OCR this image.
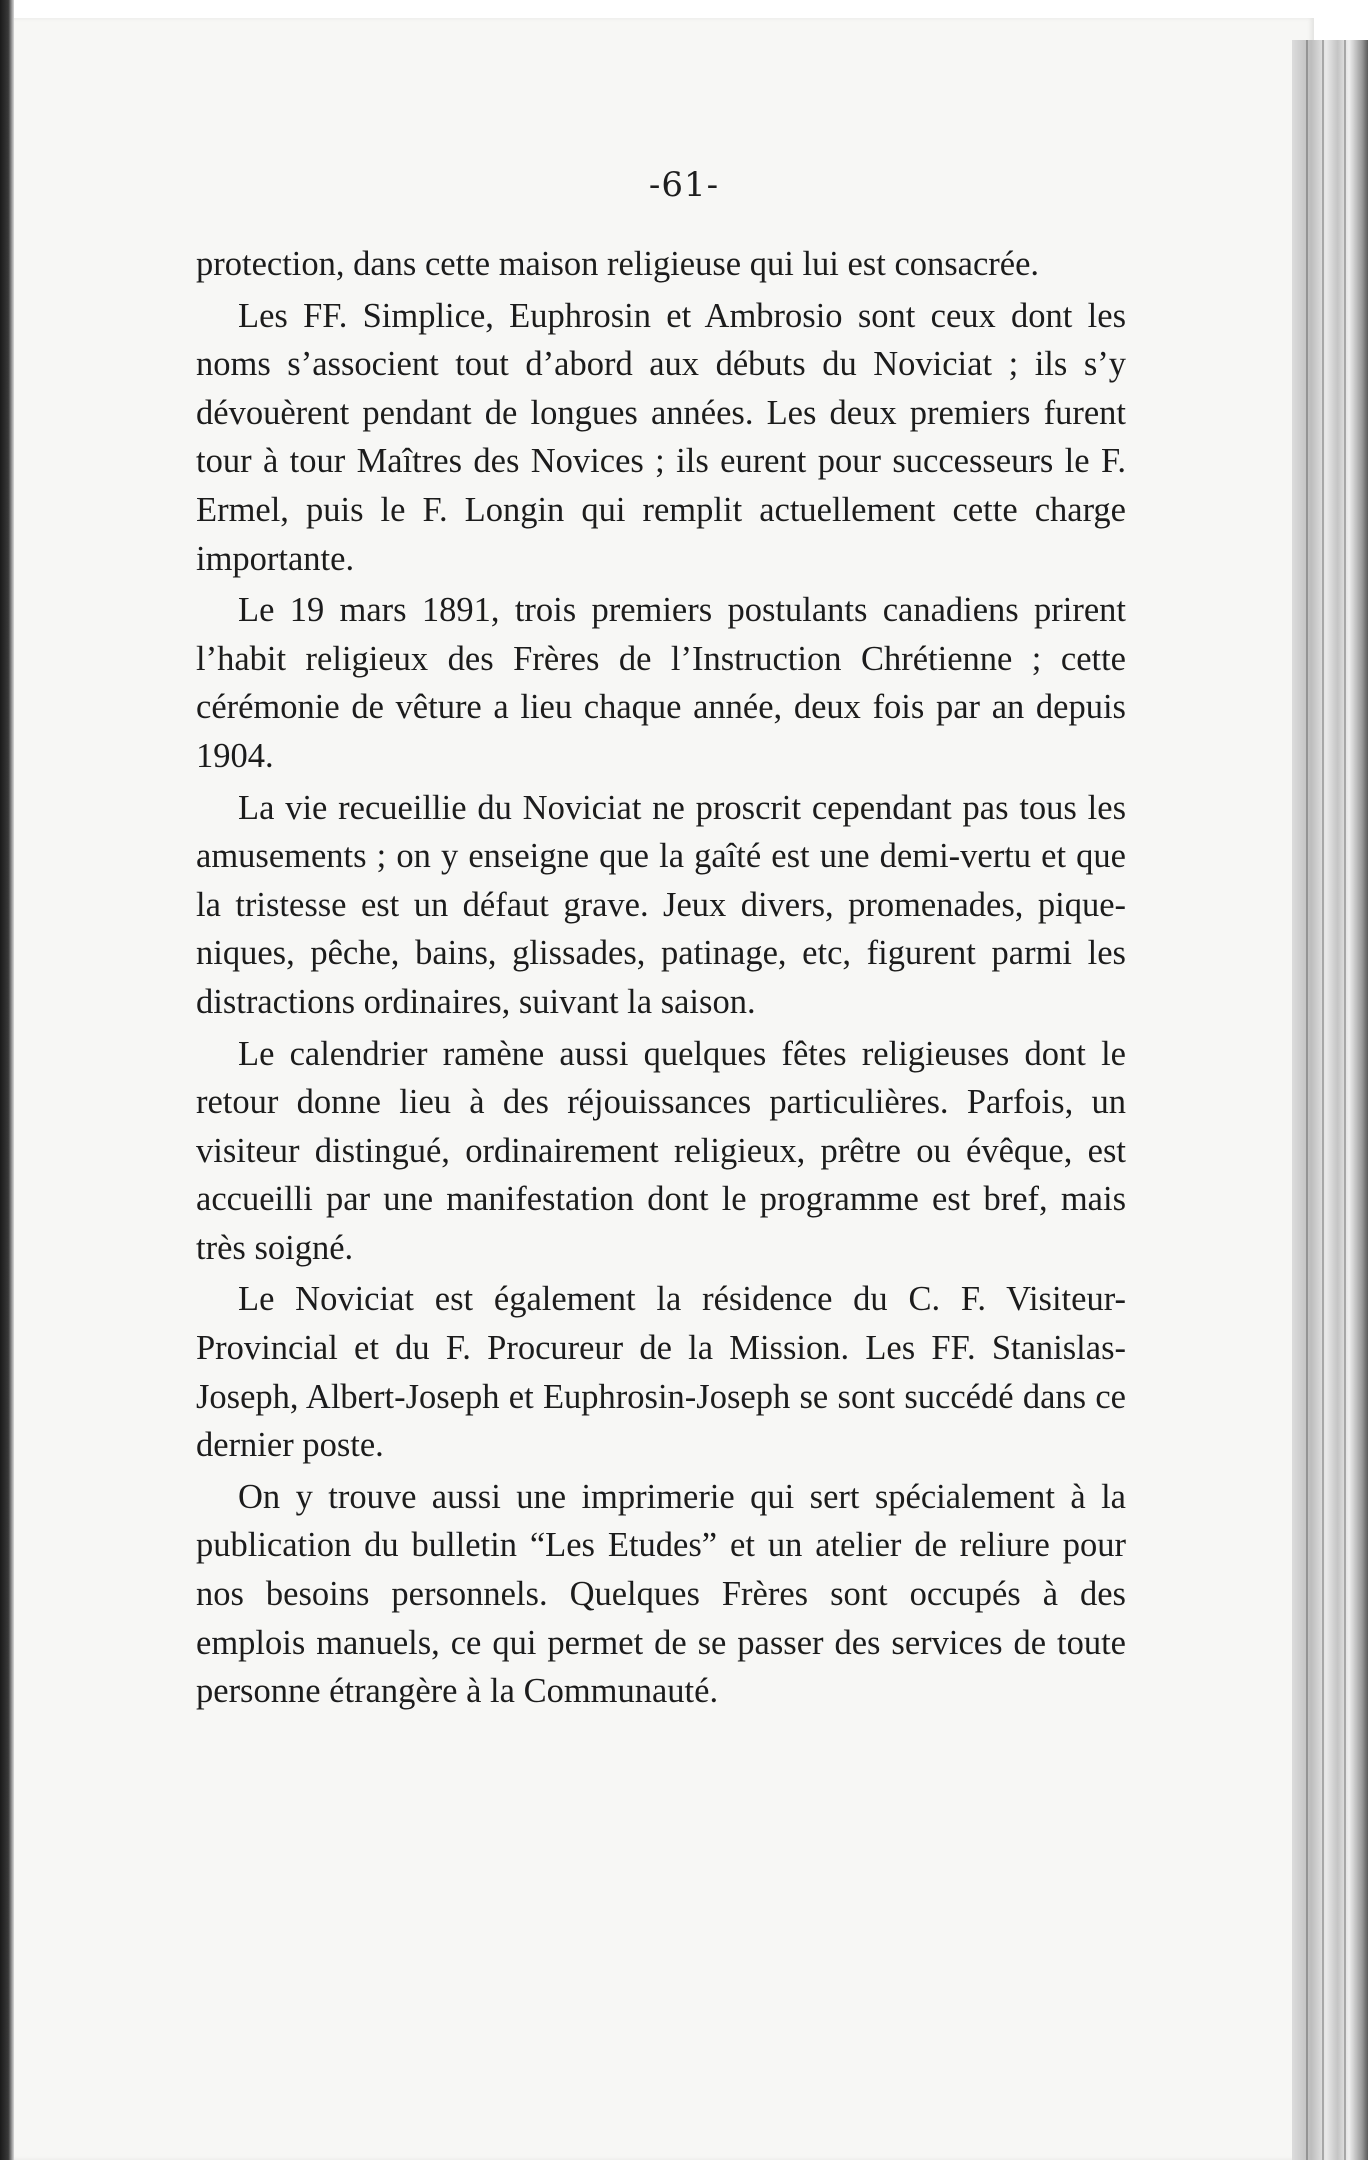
-61-

protection, dans cette maison religieuse qui lui est consacrée.

Les FF. Simplice, Euphrosin et Ambrosio sont ceux dont les noms s’associent tout d’abord aux débuts du Noviciat ; ils s’y dévouèrent pendant de longues années. Les deux premiers furent tour à tour Maîtres des Novices ; ils eurent pour successeurs le F. Ermel, puis le F. Longin qui remplit actuellement cette charge importante.

Le 19 mars 1891, trois premiers postulants canadiens prirent l’habit religieux des Frères de l’Instruction Chrétienne ; cette cérémonie de vêture a lieu chaque année, deux fois par an depuis 1904.

La vie recueillie du Noviciat ne proscrit cependant pas tous les amusements ; on y enseigne que la gaîté est une demi-vertu et que la tristesse est un défaut grave. Jeux divers, promenades, pique-niques, pêche, bains, glissades, patinage, etc, figurent parmi les distractions ordinaires, suivant la saison.

Le calendrier ramène aussi quelques fêtes religieuses dont le retour donne lieu à des réjouissances particulières. Parfois, un visiteur distingué, ordinairement religieux, prêtre ou évêque, est accueilli par une manifestation dont le programme est bref, mais très soigné.

Le Noviciat est également la résidence du C. F. Visiteur-Provincial et du F. Procureur de la Mission. Les FF. Stanislas-Joseph, Albert-Joseph et Euphrosin-Joseph se sont succédé dans ce dernier poste.

On y trouve aussi une imprimerie qui sert spécialement à la publication du bulletin “Les Etudes” et un atelier de reliure pour nos besoins personnels. Quelques Frères sont occupés à des emplois manuels, ce qui permet de se passer des services de toute personne étrangère à la Communauté.
